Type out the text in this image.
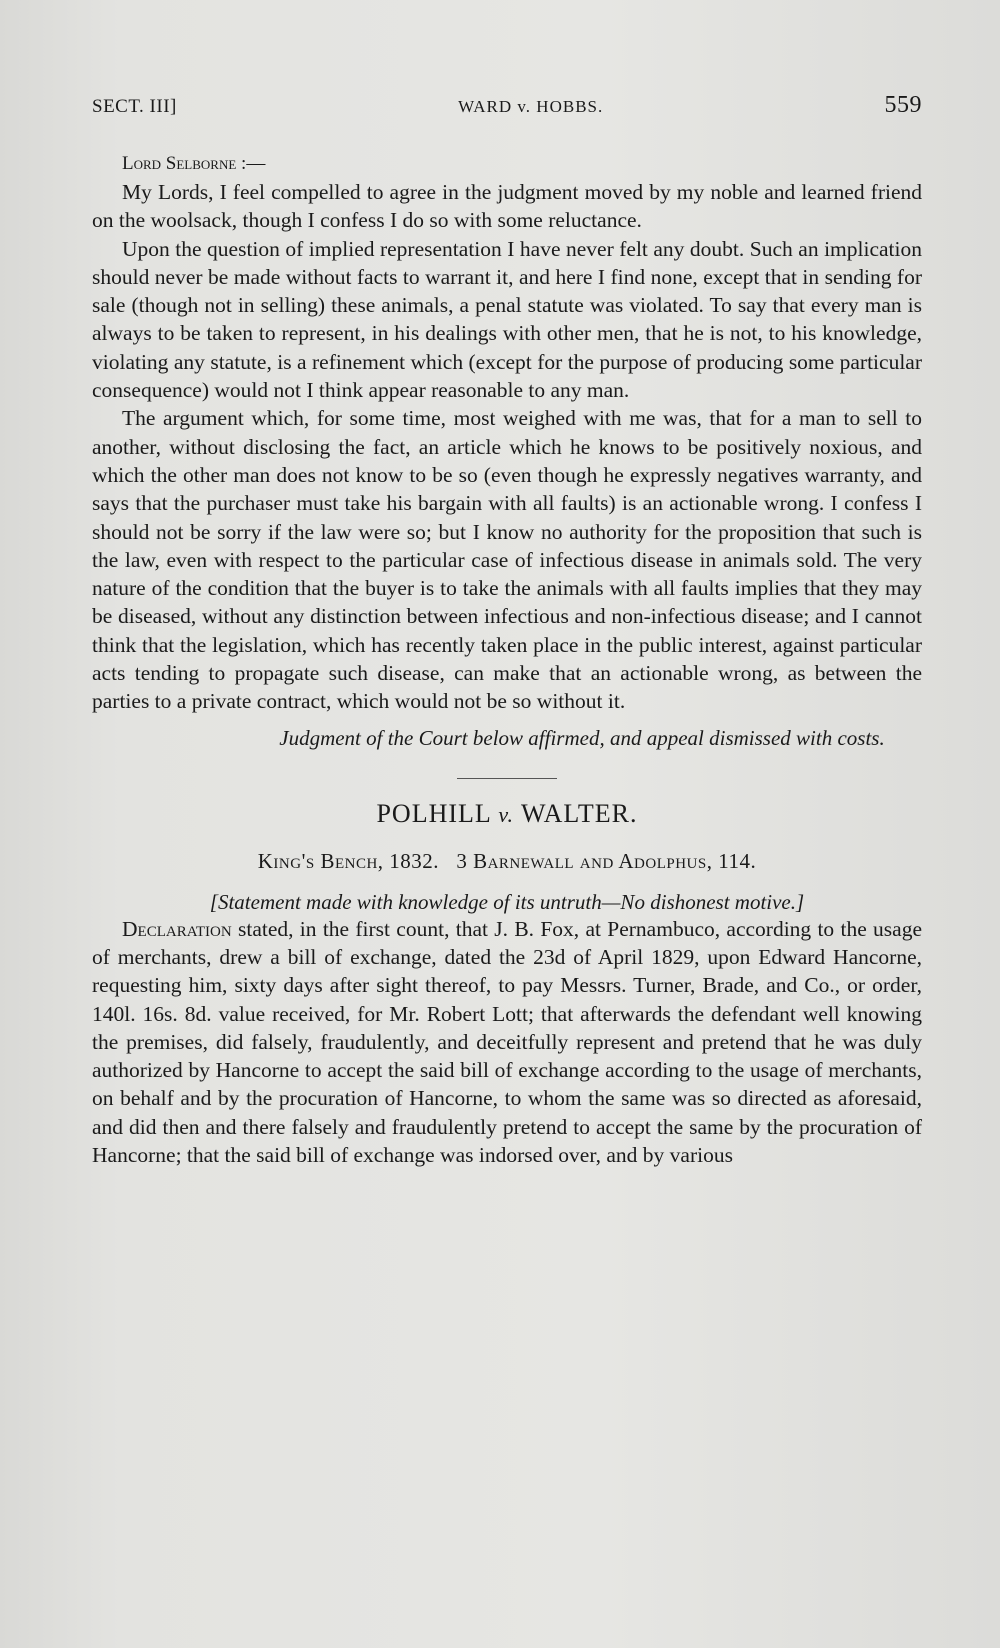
SECT. III]	WARD v. HOBBS.	559
Lord Selborne :—

My Lords, I feel compelled to agree in the judgment moved by my noble and learned friend on the woolsack, though I confess I do so with some reluctance.

Upon the question of implied representation I have never felt any doubt. Such an implication should never be made without facts to warrant it, and here I find none, except that in sending for sale (though not in selling) these animals, a penal statute was violated. To say that every man is always to be taken to represent, in his dealings with other men, that he is not, to his knowledge, violating any statute, is a refinement which (except for the purpose of producing some particular consequence) would not I think appear reasonable to any man.

The argument which, for some time, most weighed with me was, that for a man to sell to another, without disclosing the fact, an article which he knows to be positively noxious, and which the other man does not know to be so (even though he expressly negatives warranty, and says that the purchaser must take his bargain with all faults) is an actionable wrong. I confess I should not be sorry if the law were so; but I know no authority for the proposition that such is the law, even with respect to the particular case of infectious disease in animals sold. The very nature of the condition that the buyer is to take the animals with all faults implies that they may be diseased, without any distinction between infectious and non-infectious disease; and I cannot think that the legislation, which has recently taken place in the public interest, against particular acts tending to propagate such disease, can make that an actionable wrong, as between the parties to a private contract, which would not be so without it.

Judgment of the Court below affirmed, and appeal dismissed with costs.
POLHILL v. WALTER.
King's Bench, 1832. 3 Barnewall and Adolphus, 114.
[Statement made with knowledge of its untruth—No dishonest motive.]

Declaration stated, in the first count, that J. B. Fox, at Pernambuco, according to the usage of merchants, drew a bill of exchange, dated the 23d of April 1829, upon Edward Hancorne, requesting him, sixty days after sight thereof, to pay Messrs. Turner, Brade, and Co., or order, 140l. 16s. 8d. value received, for Mr. Robert Lott; that afterwards the defendant well knowing the premises, did falsely, fraudulently, and deceitfully represent and pretend that he was duly authorized by Hancorne to accept the said bill of exchange according to the usage of merchants, on behalf and by the procuration of Hancorne, to whom the same was so directed as aforesaid, and did then and there falsely and fraudulently pretend to accept the same by the procuration of Hancorne; that the said bill of exchange was indorsed over, and by various
